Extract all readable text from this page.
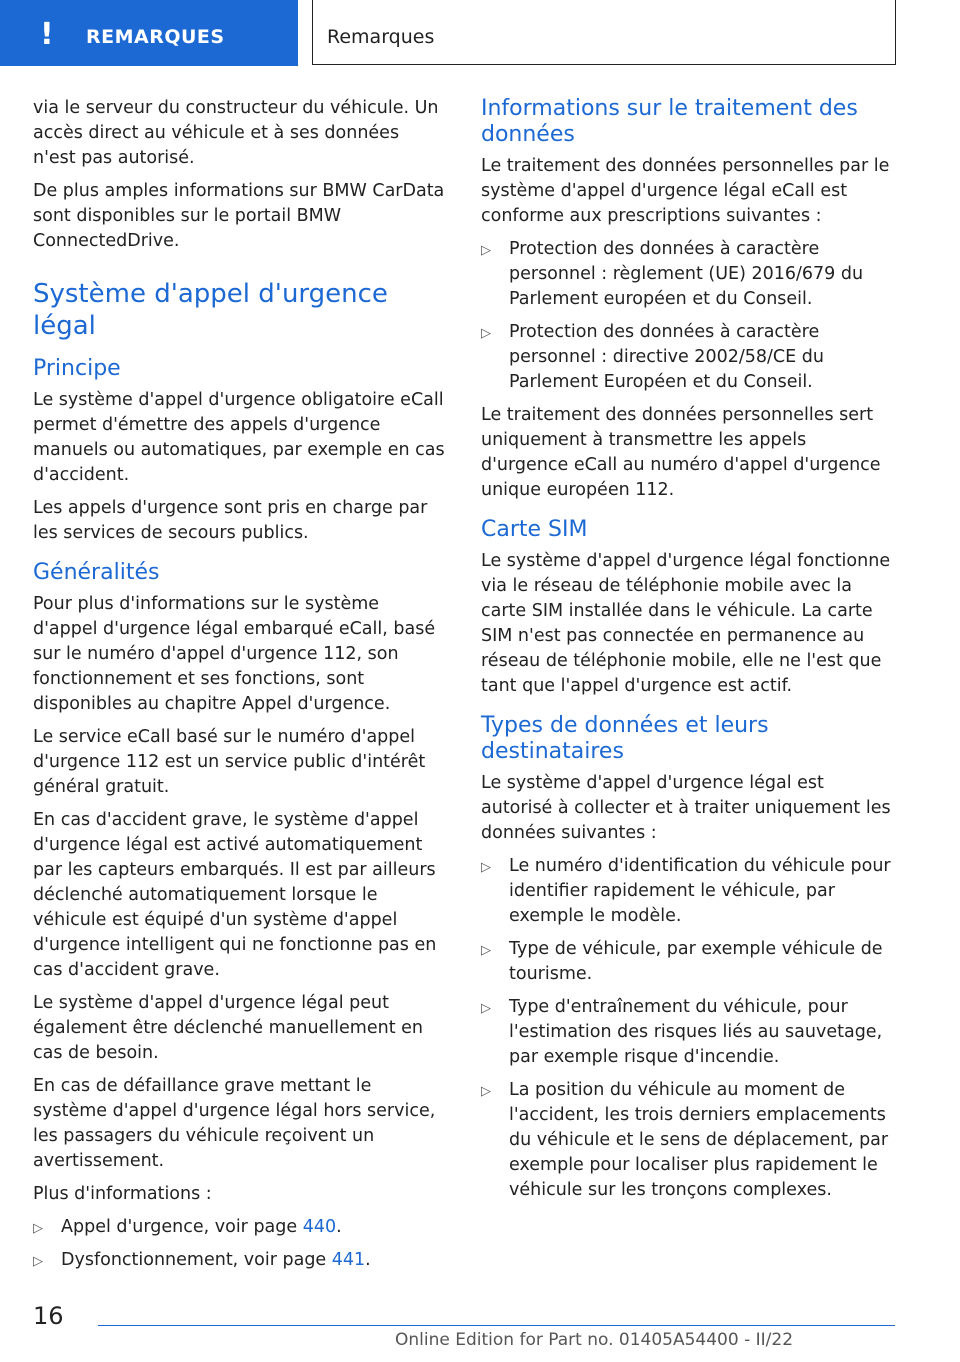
! REMARQUES	Remarques

via le serveur du constructeur du véhicule. Un accès direct au véhicule et à ses données n'est pas autorisé.

De plus amples informations sur BMW CarData sont disponibles sur le portail BMW ConnectedDrive.

Système d'appel d'urgence légal
Principe

Le système d'appel d'urgence obligatoire eCall permet d'émettre des appels d'urgence manuels ou automatiques, par exemple en cas d'accident.

Les appels d'urgence sont pris en charge par les services de secours publics.

Généralités

Pour plus d'informations sur le système d'appel d'urgence légal embarqué eCall, basé sur le numéro d'appel d'urgence 112, son fonctionnement et ses fonctions, sont disponibles au chapitre Appel d'urgence.

Le service eCall basé sur le numéro d'appel d'urgence 112 est un service public d'intérêt général gratuit.

En cas d'accident grave, le système d'appel d'urgence légal est activé automatiquement par les capteurs embarqués. Il est par ailleurs déclenché automatiquement lorsque le véhicule est équipé d'un système d'appel d'urgence intelligent qui ne fonctionne pas en cas d'accident grave.

Le système d'appel d'urgence légal peut également être déclenché manuellement en cas de besoin.

En cas de défaillance grave mettant le système d'appel d'urgence légal hors service, les passagers du véhicule reçoivent un avertissement.

Plus d'informations :

▷ Appel d'urgence, voir page 440.
▷ Dysfonctionnement, voir page 441.
Informations sur le traitement des données

Le traitement des données personnelles par le système d'appel d'urgence légal eCall est conforme aux prescriptions suivantes :

▷ Protection des données à caractère personnel : règlement (UE) 2016/679 du Parlement européen et du Conseil.
▷ Protection des données à caractère personnel : directive 2002/58/CE du Parlement Européen et du Conseil.

Le traitement des données personnelles sert uniquement à transmettre les appels d'urgence eCall au numéro d'appel d'urgence unique européen 112.

Carte SIM

Le système d'appel d'urgence légal fonctionne via le réseau de téléphonie mobile avec la carte SIM installée dans le véhicule. La carte SIM n'est pas connectée en permanence au réseau de téléphonie mobile, elle ne l'est que tant que l'appel d'urgence est actif.

Types de données et leurs destinataires

Le système d'appel d'urgence légal est autorisé à collecter et à traiter uniquement les données suivantes :

▷ Le numéro d'identification du véhicule pour identifier rapidement le véhicule, par exemple le modèle.
▷ Type de véhicule, par exemple véhicule de tourisme.
▷ Type d'entraînement du véhicule, pour l'estimation des risques liés au sauvetage, par exemple risque d'incendie.
▷ La position du véhicule au moment de l'accident, les trois derniers emplacements du véhicule et le sens de déplacement, par exemple pour localiser plus rapidement le véhicule sur les tronçons complexes.
16
Online Edition for Part no. 01405A54400 - II/22
